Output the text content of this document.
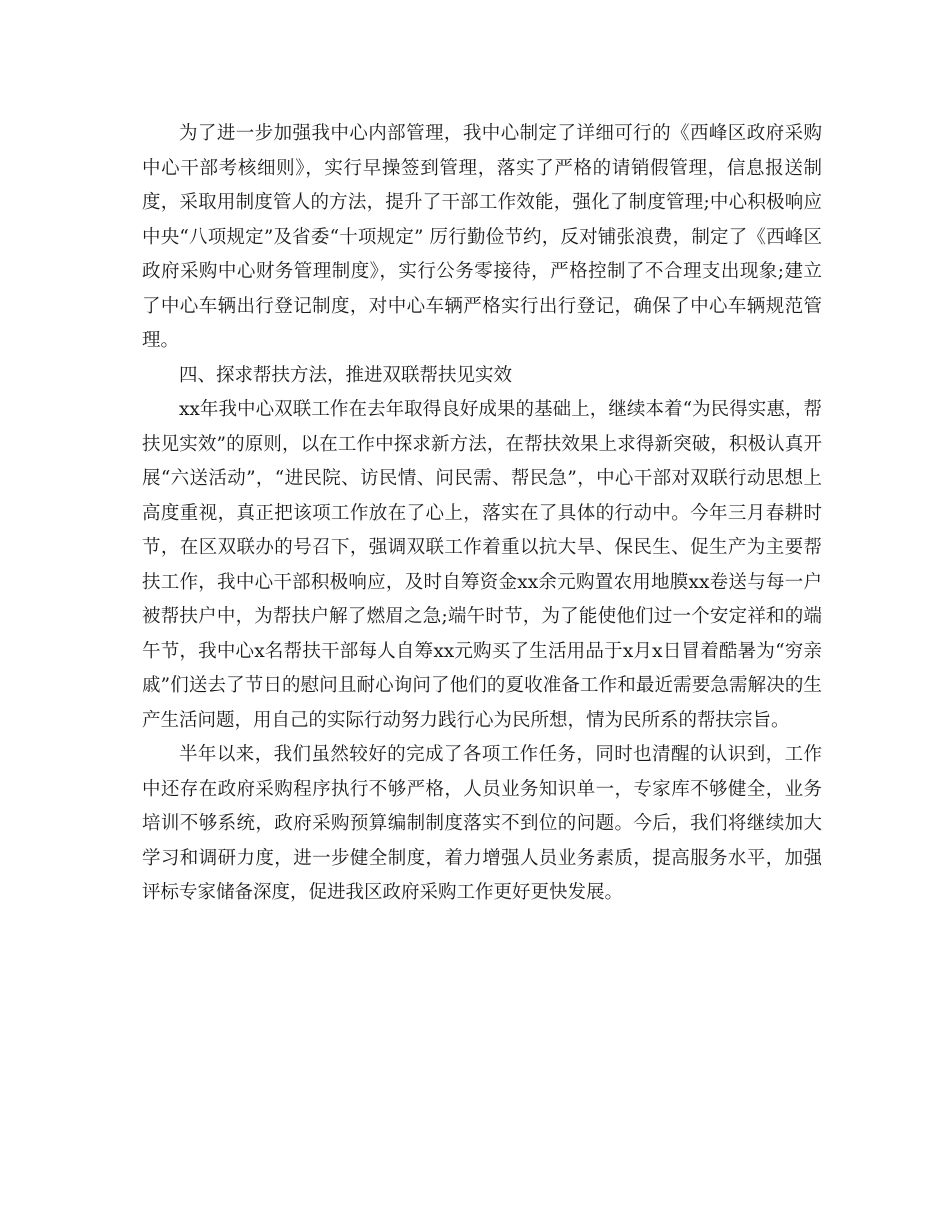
为了进一步加强我中心内部管理，我中心制定了详细可行的《西峰区政府采购中心干部考核细则》，实行早操签到管理，落实了严格的请销假管理，信息报送制度，采取用制度管人的方法，提升了干部工作效能，强化了制度管理;中心积极响应中央“八项规定”及省委“十项规定” 厉行勤俭节约，反对铺张浪费，制定了《西峰区政府采购中心财务管理制度》，实行公务零接待，严格控制了不合理支出现象;建立了中心车辆出行登记制度，对中心车辆严格实行出行登记，确保了中心车辆规范管理。

四、探求帮扶方法，推进双联帮扶见实效

xx年我中心双联工作在去年取得良好成果的基础上，继续本着“为民得实惠，帮扶见实效”的原则，以在工作中探求新方法，在帮扶效果上求得新突破，积极认真开展“六送活动”，“进民院、访民情、问民需、帮民急”，中心干部对双联行动思想上高度重视，真正把该项工作放在了心上，落实在了具体的行动中。今年三月春耕时节，在区双联办的号召下，强调双联工作着重以抗大旱、保民生、促生产为主要帮扶工作，我中心干部积极响应，及时自筹资金xx余元购置农用地膜xx卷送与每一户被帮扶户中，为帮扶户解了燃眉之急;端午时节，为了能使他们过一个安定祥和的端午节，我中心x名帮扶干部每人自筹xx元购买了生活用品于x月x日冒着酷暑为“穷亲戚”们送去了节日的慰问且耐心询问了他们的夏收准备工作和最近需要急需解决的生产生活问题，用自己的实际行动努力践行心为民所想，情为民所系的帮扶宗旨。

半年以来，我们虽然较好的完成了各项工作任务，同时也清醒的认识到，工作中还存在政府采购程序执行不够严格，人员业务知识单一，专家库不够健全，业务培训不够系统，政府采购预算编制制度落实不到位的问题。今后，我们将继续加大学习和调研力度，进一步健全制度，着力增强人员业务素质，提高服务水平，加强评标专家储备深度，促进我区政府采购工作更好更快发展。
